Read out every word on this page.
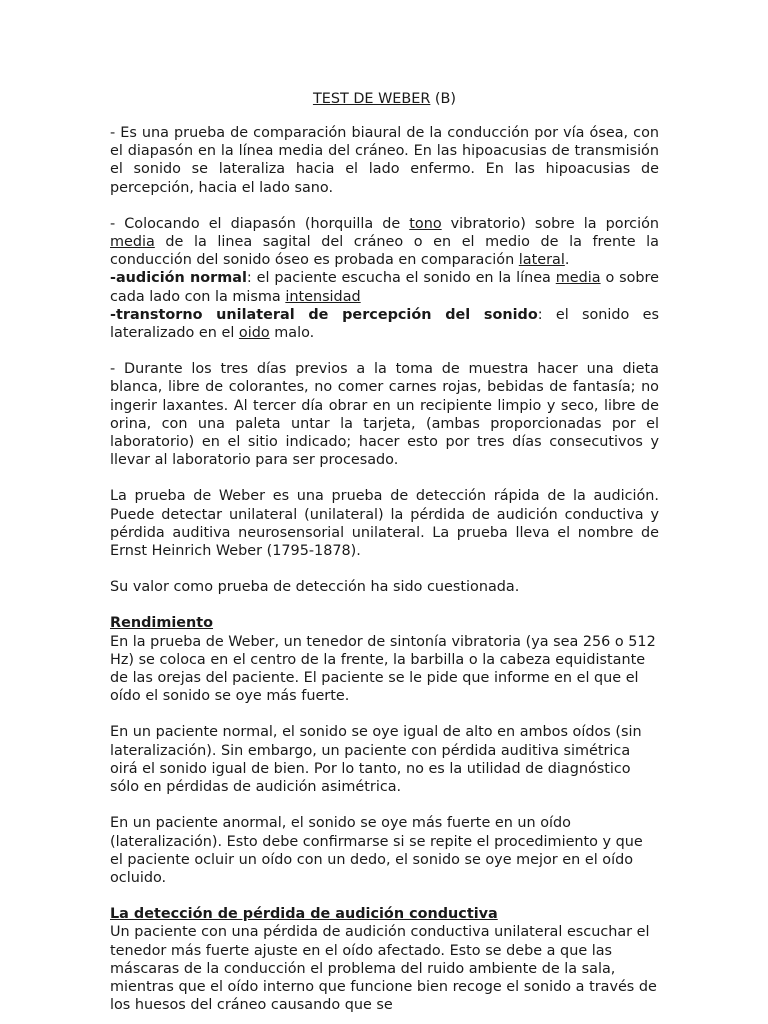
TEST DE WEBER (B)

- Es una prueba de comparación biaural de la conducción por vía ósea, con el diapasón en la línea media del cráneo. En las hipoacusias de transmisión el sonido se lateraliza hacia el lado enfermo. En las hipoacusias de percepción, hacia el lado sano.

- Colocando el diapasón (horquilla de tono vibratorio) sobre la porción media de la linea sagital del cráneo o en el medio de la frente la conducción del sonido óseo es probada en comparación lateral.
-audición normal: el paciente escucha el sonido en la línea media o sobre cada lado con la misma intensidad
-transtorno unilateral de percepción del sonido: el sonido es lateralizado en el oido malo.

- Durante los tres días previos a la toma de muestra hacer una dieta blanca, libre de colorantes, no comer carnes rojas, bebidas de fantasía; no ingerir laxantes. Al tercer día obrar en un recipiente limpio y seco, libre de orina, con una paleta untar la tarjeta, (ambas proporcionadas por el laboratorio) en el sitio indicado; hacer esto por tres días consecutivos y llevar al laboratorio para ser procesado.

La prueba de Weber es una prueba de detección rápida de la audición. Puede detectar unilateral (unilateral) la pérdida de audición conductiva y pérdida auditiva neurosensorial unilateral. La prueba lleva el nombre de Ernst Heinrich Weber (1795-1878).

Su valor como prueba de detección ha sido cuestionada.

Rendimiento

En la prueba de Weber, un tenedor de sintonía vibratoria (ya sea 256 o 512 Hz) se coloca en el centro de la frente, la barbilla o la cabeza equidistante de las orejas del paciente. El paciente se le pide que informe en el que el oído el sonido se oye más fuerte.

En un paciente normal, el sonido se oye igual de alto en ambos oídos (sin lateralización). Sin embargo, un paciente con pérdida auditiva simétrica oirá el sonido igual de bien. Por lo tanto, no es la utilidad de diagnóstico sólo en pérdidas de audición asimétrica.

En un paciente anormal, el sonido se oye más fuerte en un oído (lateralización). Esto debe confirmarse si se repite el procedimiento y que el paciente ocluir un oído con un dedo, el sonido se oye mejor en el oído ocluido.

La detección de pérdida de audición conductiva

Un paciente con una pérdida de audición conductiva unilateral escuchar el tenedor más fuerte ajuste en el oído afectado. Esto se debe a que las máscaras de la conducción el problema del ruido ambiente de la sala, mientras que el oído interno que funcione bien recoge el sonido a través de los huesos del cráneo causando que se
